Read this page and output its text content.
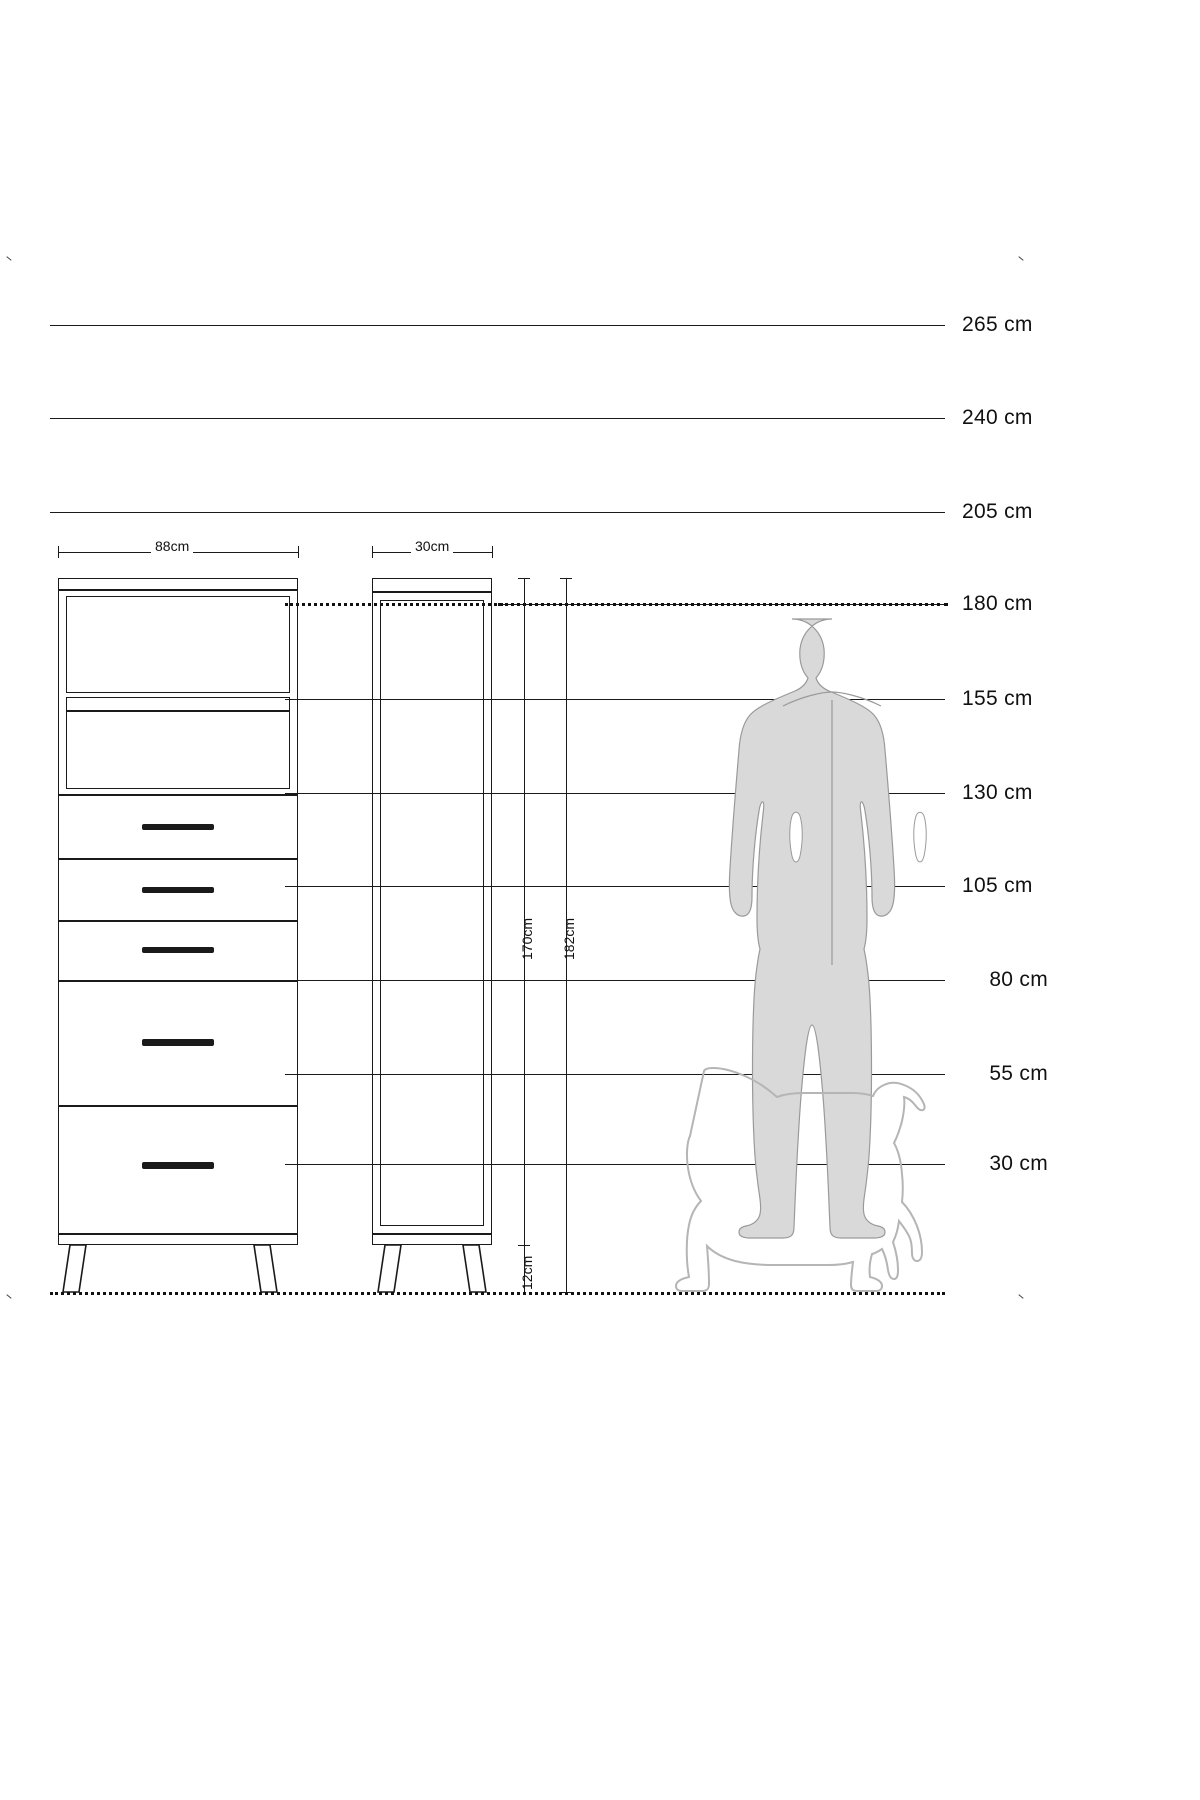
265 cm
240 cm
205 cm
180 cm
155 cm
130 cm
105 cm
80 cm
55 cm
30 cm
88cm	30cm
170cm 182cm
12cm
